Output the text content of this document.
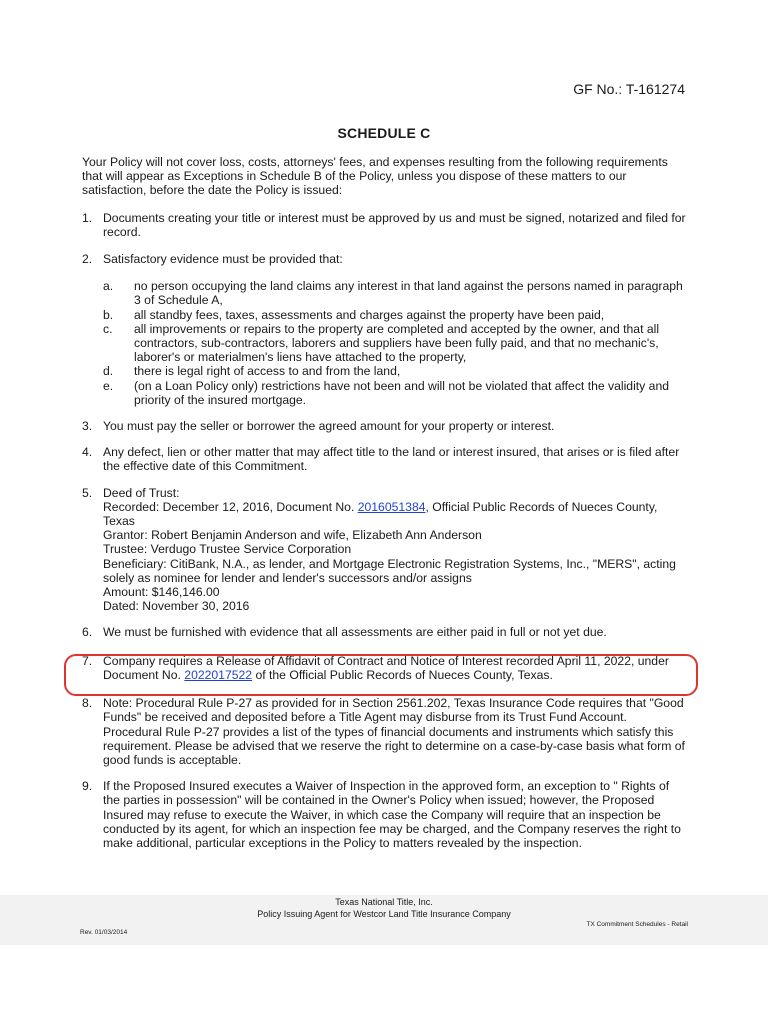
GF No.: T-161274
SCHEDULE C

Your Policy will not cover loss, costs, attorneys' fees, and expenses resulting from the following requirements that will appear as Exceptions in Schedule B of the Policy, unless you dispose of these matters to our satisfaction, before the date the Policy is issued:

1. Documents creating your title or interest must be approved by us and must be signed, notarized and filed for record.
2. Satisfactory evidence must be provided that:
a.	no person occupying the land claims any interest in that land against the persons named in paragraph 3 of Schedule A,
b.	all standby fees, taxes, assessments and charges against the property have been paid,
c.	all improvements or repairs to the property are completed and accepted by the owner, and that all contractors, sub-contractors, laborers and suppliers have been fully paid, and that no mechanic's, laborer's or materialmen's liens have attached to the property,
d.	there is legal right of access to and from the land,
e.	(on a Loan Policy only) restrictions have not been and will not be violated that affect the validity and priority of the insured mortgage.
3. You must pay the seller or borrower the agreed amount for your property or interest.
4. Any defect, lien or other matter that may affect title to the land or interest insured, that arises or is filed after the effective date of this Commitment.
5. Deed of Trust:

Recorded: December 12, 2016, Document No. 2016051384, Official Public Records of Nueces County, Texas

Grantor: Robert Benjamin Anderson and wife, Elizabeth Ann Anderson

Trustee: Verdugo Trustee Service Corporation

Beneficiary: CitiBank, N.A., as lender, and Mortgage Electronic Registration Systems, Inc., "MERS", acting solely as nominee for lender and lender's successors and/or assigns

Amount: $146,146.00

Dated: November 30, 2016

6. We must be furnished with evidence that all assessments are either paid in full or not yet due.
7. Company requires a Release of Affidavit of Contract and Notice of Interest recorded April 11, 2022, under Document No. 2022017522 of the Official Public Records of Nueces County, Texas.
8. Note: Procedural Rule P-27 as provided for in Section 2561.202, Texas Insurance Code requires that "Good Funds" be received and deposited before a Title Agent may disburse from its Trust Fund Account. Procedural Rule P-27 provides a list of the types of financial documents and instruments which satisfy this requirement. Please be advised that we reserve the right to determine on a case-by-case basis what form of good funds is acceptable.
9. If the Proposed Insured executes a Waiver of Inspection in the approved form, an exception to " Rights of the parties in possession" will be contained in the Owner's Policy when issued; however, the Proposed Insured may refuse to execute the Waiver, in which case the Company will require that an inspection be conducted by its agent, for which an inspection fee may be charged, and the Company reserves the right to make additional, particular exceptions in the Policy to matters revealed by the inspection.
Texas National Title, Inc.
Policy Issuing Agent for Westcor Land Title Insurance Company
Rev. 01/03/2014
TX Commitment Schedules - Retail
